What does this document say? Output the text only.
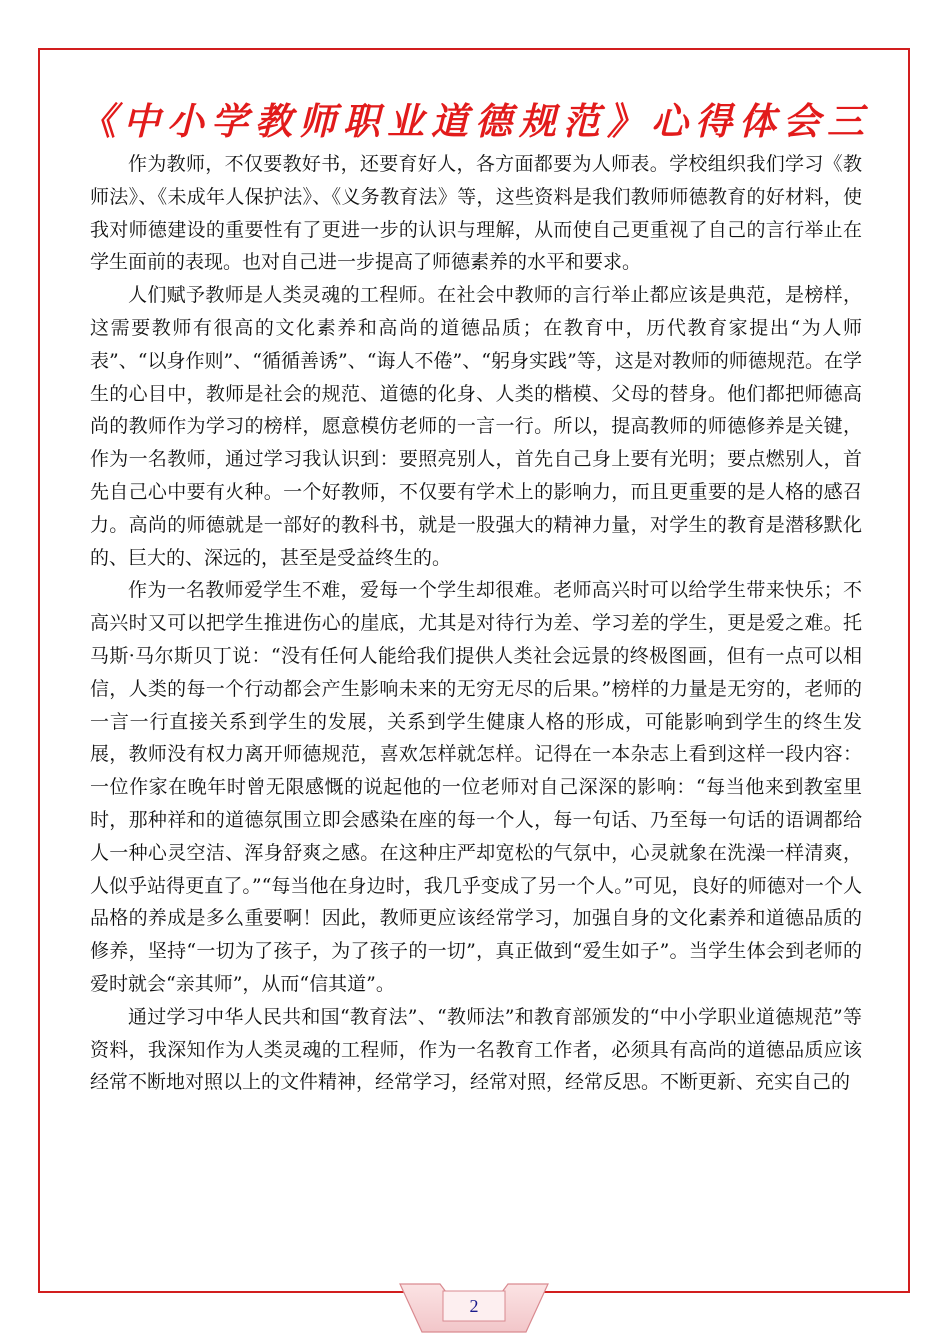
《中小学教师职业道德规范》心得体会三

作为教师，不仅要教好书，还要育好人，各方面都要为人师表。学校组织我们学习《教师法》、《未成年人保护法》、《义务教育法》等，这些资料是我们教师师德教育的好材料，使我对师德建设的重要性有了更进一步的认识与理解，从而使自己更重视了自己的言行举止在学生面前的表现。也对自己进一步提高了师德素养的水平和要求。

人们赋予教师是人类灵魂的工程师。在社会中教师的言行举止都应该是典范，是榜样，这需要教师有很高的文化素养和高尚的道德品质；在教育中，历代教育家提出“为人师表”、“以身作则”、“循循善诱”、“诲人不倦”、“躬身实践”等，这是对教师的师德规范。在学生的心目中，教师是社会的规范、道德的化身、人类的楷模、父母的替身。他们都把师德高尚的教师作为学习的榜样，愿意模仿老师的一言一行。所以，提高教师的师德修养是关键，作为一名教师，通过学习我认识到：要照亮别人，首先自己身上要有光明；要点燃别人，首先自己心中要有火种。一个好教师，不仅要有学术上的影响力，而且更重要的是人格的感召力。高尚的师德就是一部好的教科书，就是一股强大的精神力量，对学生的教育是潜移默化的、巨大的、深远的，甚至是受益终生的。

作为一名教师爱学生不难，爱每一个学生却很难。老师高兴时可以给学生带来快乐；不高兴时又可以把学生推进伤心的崖底，尤其是对待行为差、学习差的学生，更是爱之难。托马斯·马尔斯贝丁说：“没有任何人能给我们提供人类社会远景的终极图画，但有一点可以相信，人类的每一个行动都会产生影响未来的无穷无尽的后果。”榜样的力量是无穷的，老师的一言一行直接关系到学生的发展，关系到学生健康人格的形成，可能影响到学生的终生发展，教师没有权力离开师德规范，喜欢怎样就怎样。记得在一本杂志上看到这样一段内容：一位作家在晚年时曾无限感慨的说起他的一位老师对自己深深的影响：“每当他来到教室里时，那种祥和的道德氛围立即会感染在座的每一个人，每一句话、乃至每一句话的语调都给人一种心灵空洁、浑身舒爽之感。在这种庄严却宽松的气氛中，心灵就象在洗澡一样清爽，人似乎站得更直了。”“每当他在身边时，我几乎变成了另一个人。”可见，良好的师德对一个人品格的养成是多么重要啊！因此，教师更应该经常学习，加强自身的文化素养和道德品质的修养，坚持“一切为了孩子，为了孩子的一切”，真正做到“爱生如子”。当学生体会到老师的爱时就会“亲其师”，从而“信其道”。

通过学习中华人民共和国“教育法”、“教师法”和教育部颁发的“中小学职业道德规范”等资料，我深知作为人类灵魂的工程师，作为一名教育工作者，必须具有高尚的道德品质应该经常不断地对照以上的文件精神，经常学习，经常对照，经常反思。不断更新、充实自己的

2
